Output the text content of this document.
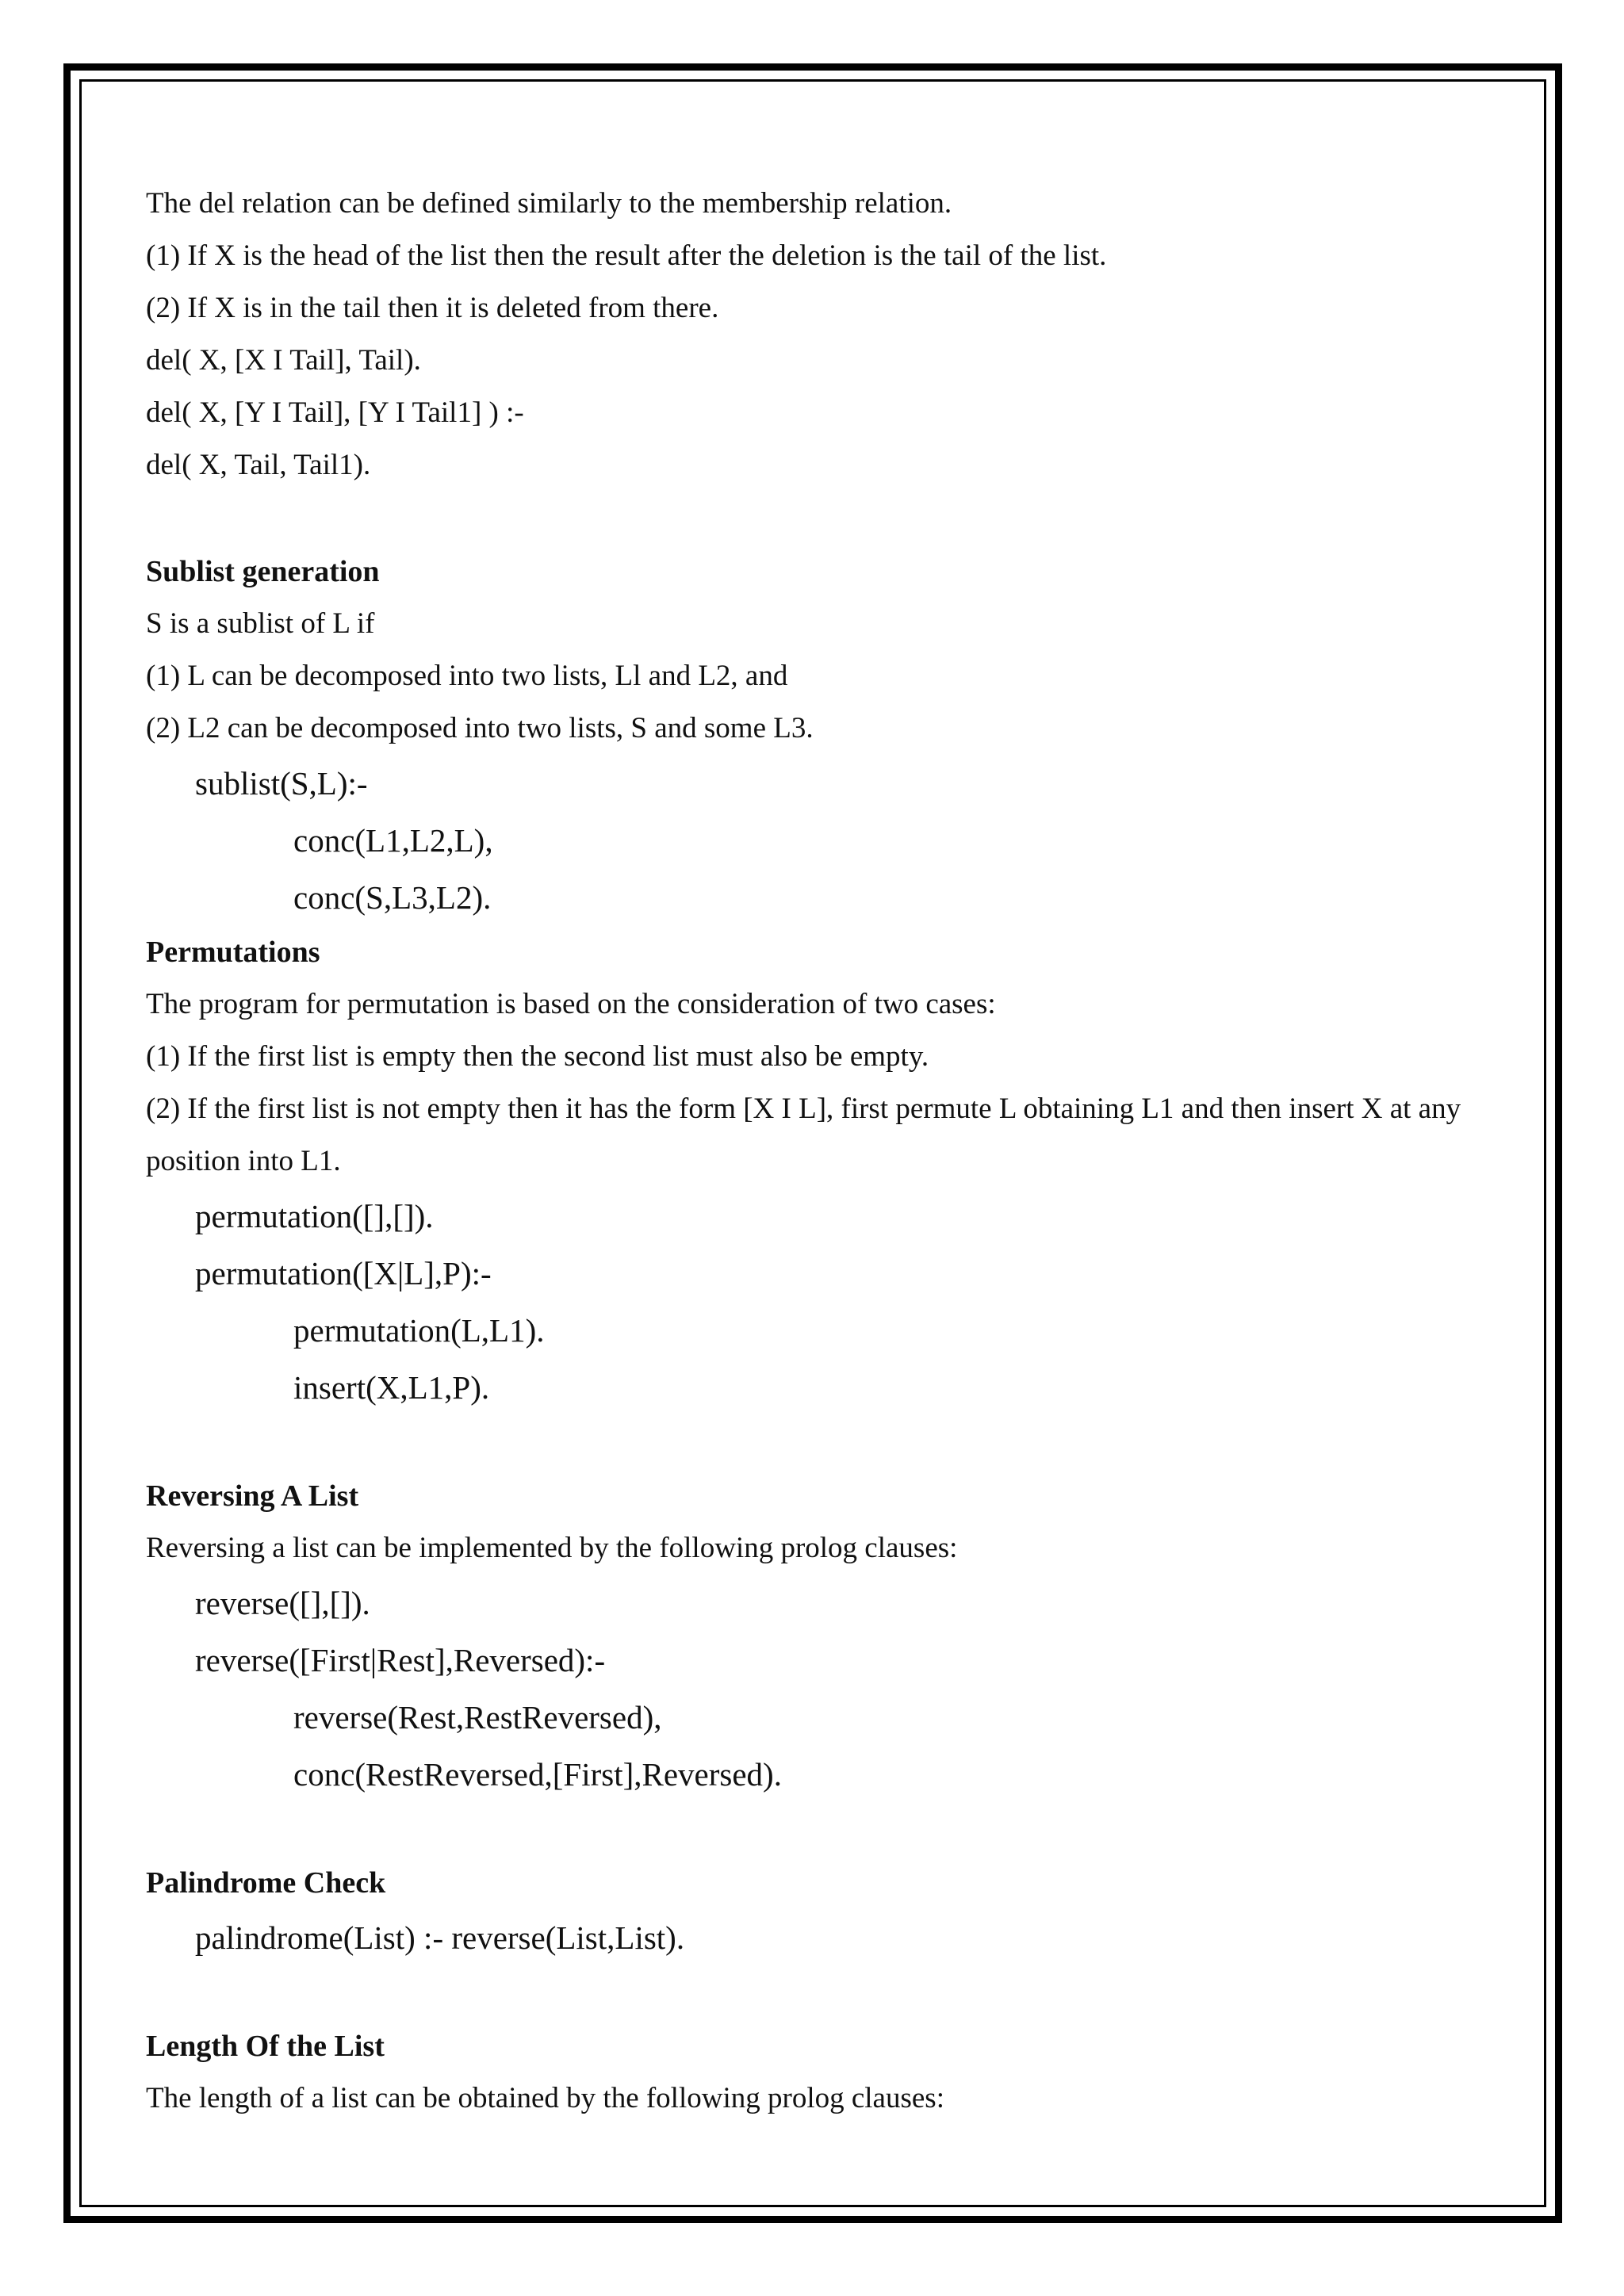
The del relation can be defined similarly to the membership relation.
(1) If X is the head of the list then the result after the deletion is the tail of the list.
(2) If X is in the tail then it is deleted from there.
del( X, [X I Tail], Tail).
del( X, [Y I Tail], [Y I Tail1] ) :-
del( X, Tail, Tail1).
Sublist generation
S is a sublist of L if
(1) L can be decomposed into two lists, Ll and L2, and
(2) L2 can be decomposed into two lists, S and some L3.
sublist(S,L):-
conc(L1,L2,L),
conc(S,L3,L2).
Permutations
The program for permutation is based on the consideration of two cases:
(1) If the first list is empty then the second list must also be empty.
(2) If the first list is not empty then it has the form [X I L], first permute L obtaining L1 and then insert X at any
position into L1.
permutation([],[]).
permutation([X|L],P):-
permutation(L,L1).
insert(X,L1,P).
Reversing A List
Reversing a list can be implemented by the following prolog clauses:
reverse([],[]).
reverse([First|Rest],Reversed):-
reverse(Rest,RestReversed),
conc(RestReversed,[First],Reversed).
Palindrome Check
palindrome(List) :- reverse(List,List).
Length Of the List
The length of a list can be obtained by the following prolog clauses:
